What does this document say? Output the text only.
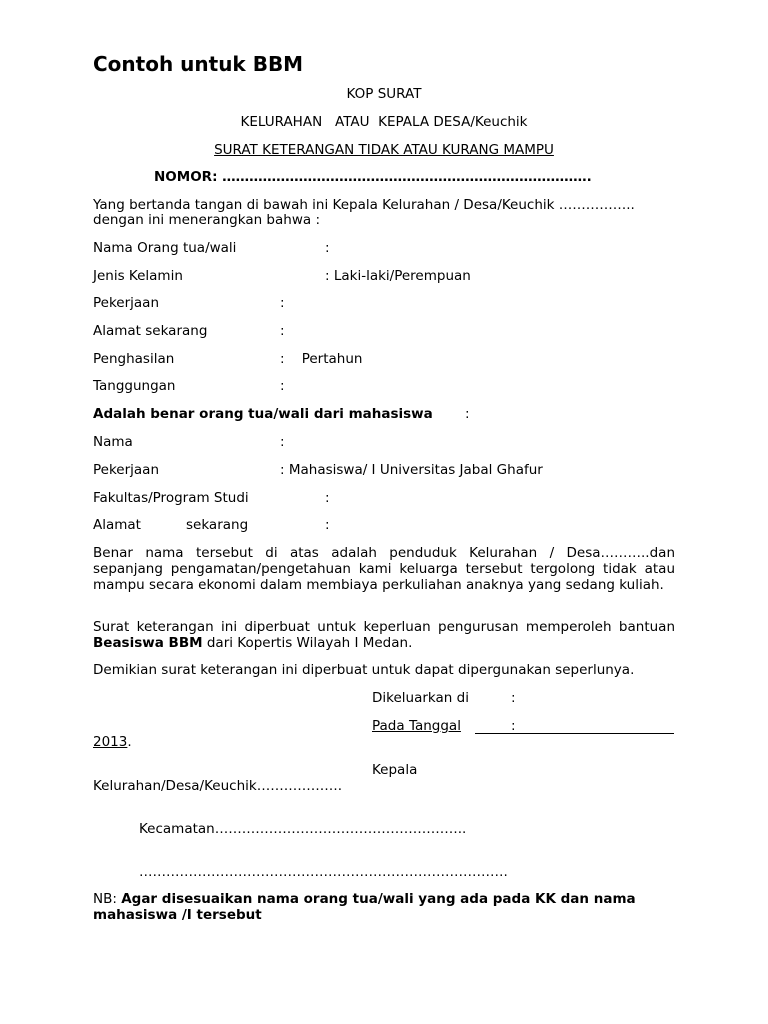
Contoh untuk BBM
KOP SURAT
KELURAHAN   ATAU  KEPALA DESA/Keuchik
SURAT KETERANGAN TIDAK ATAU KURANG MAMPU
NOMOR: ……………………………………………………………………….
Yang bertanda tangan di bawah ini Kepala Kelurahan / Desa/Keuchik ……………..
dengan ini menerangkan bahwa :
Nama Orang tua/wali	:
Jenis Kelamin	: Laki-laki/Perempuan
Pekerjaan	:
Alamat sekarang	:
Penghasilan	:    Pertahun
Tanggungan	:
Adalah benar orang tua/wali dari mahasiswa :
Nama	:
Pekerjaan	: Mahasiswa/ I Universitas Jabal Ghafur
Fakultas/Program Studi	:
Alamat	sekarang	:
Benar nama tersebut di atas adalah penduduk Kelurahan / Desa………..dan sepanjang pengamatan/pengetahuan kami keluarga tersebut tergolong tidak atau mampu secara ekonomi dalam membiaya perkuliahan anaknya yang sedang kuliah.
Surat keterangan ini diperbuat untuk keperluan pengurusan memperoleh bantuan Beasiswa BBM dari Kopertis Wilayah I Medan.
Demikian surat keterangan ini diperbuat untuk dapat dipergunakan seperlunya.
Dikeluarkan di	:
Pada Tanggal	:
2013.
Kepala
Kelurahan/Desa/Keuchik……………….
Kecamatan………………………………………………..
……………………………………………………………………….
NB: Agar disesuaikan nama orang tua/wali yang ada pada KK dan nama
mahasiswa /I tersebut
